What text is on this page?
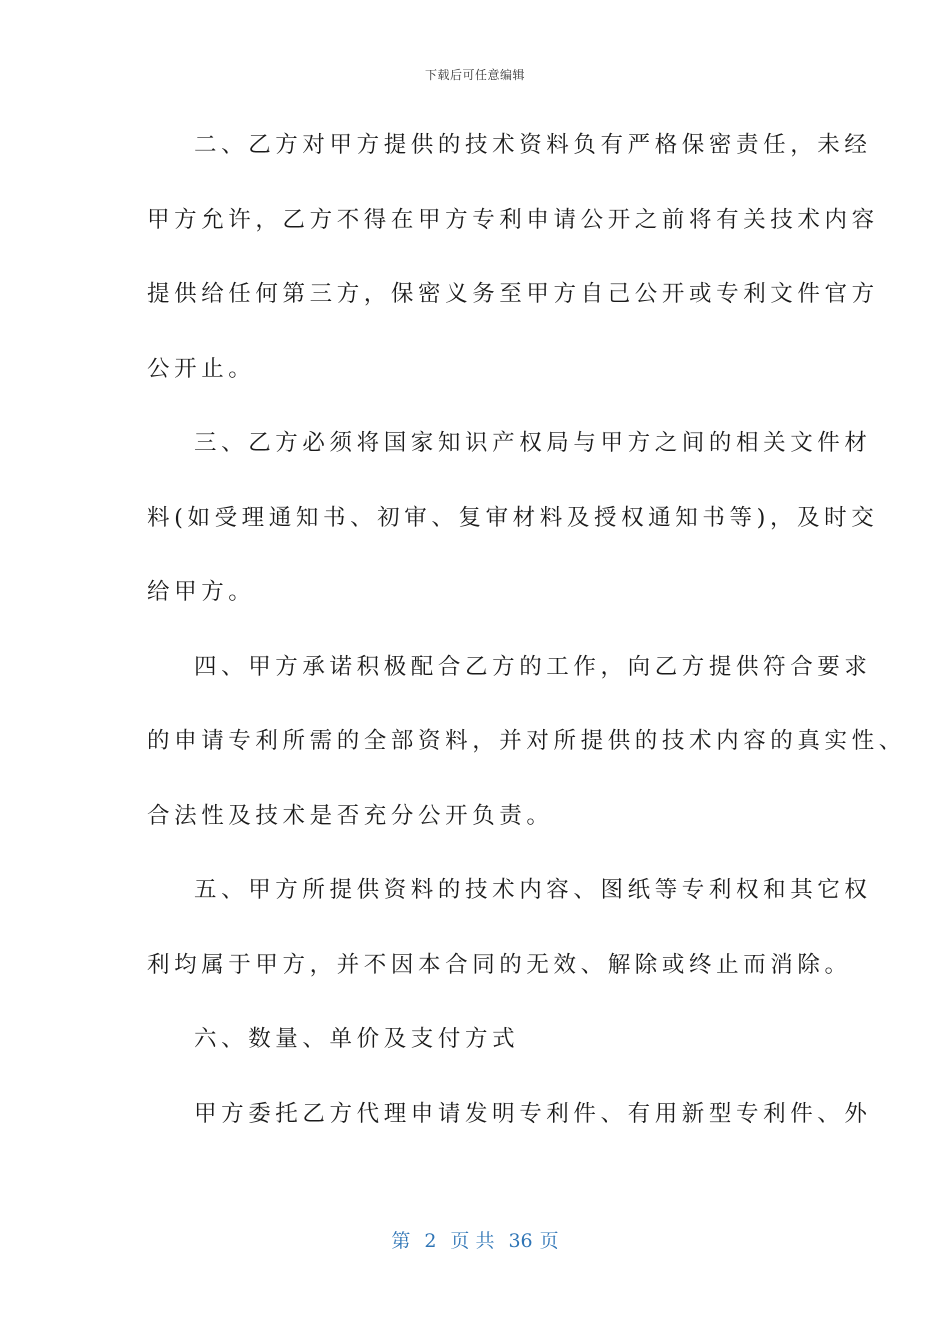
下载后可任意编辑
二、乙方对甲方提供的技术资料负有严格保密责任，未经
甲方允许，乙方不得在甲方专利申请公开之前将有关技术内容
提供给任何第三方，保密义务至甲方自己公开或专利文件官方
公开止。
三、乙方必须将国家知识产权局与甲方之间的相关文件材
料(如受理通知书、初审、复审材料及授权通知书等)，及时交
给甲方。
四、甲方承诺积极配合乙方的工作，向乙方提供符合要求
的申请专利所需的全部资料，并对所提供的技术内容的真实性、
合法性及技术是否充分公开负责。
五、甲方所提供资料的技术内容、图纸等专利权和其它权
利均属于甲方，并不因本合同的无效、解除或终止而消除。
六、数量、单价及支付方式
甲方委托乙方代理申请发明专利件、有用新型专利件、外
第 2 页 共 36 页
